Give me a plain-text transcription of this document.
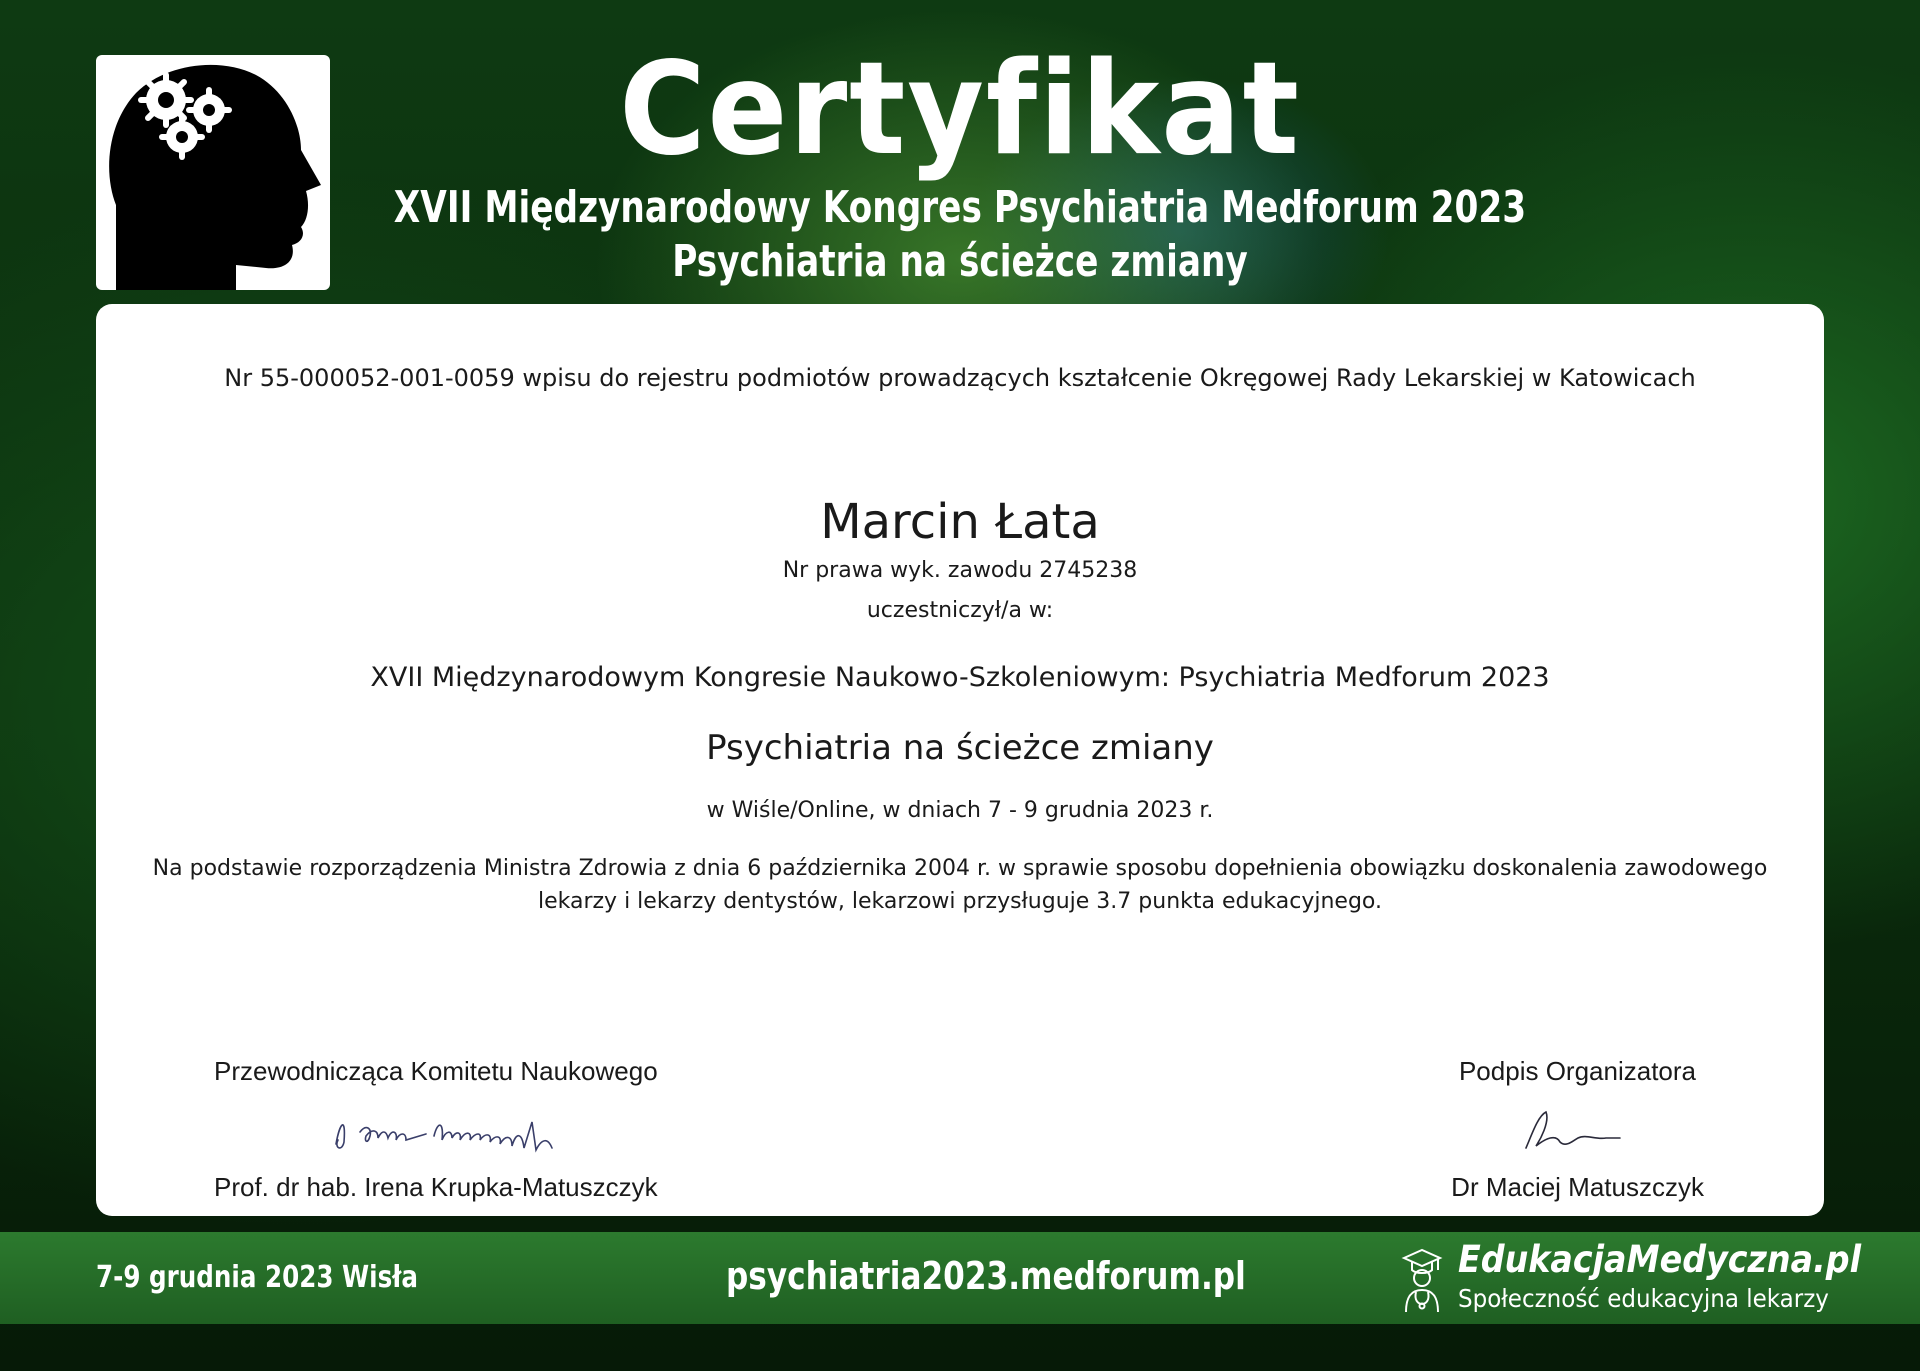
Certyfikat
XVII Międzynarodowy Kongres Psychiatria Medforum 2023
Psychiatria na ścieżce zmiany
Nr 55-000052-001-0059 wpisu do rejestru podmiotów prowadzących kształcenie Okręgowej Rady Lekarskiej w Katowicach
Marcin Łata
Nr prawa wyk. zawodu 2745238
uczestniczył/a w:
XVII Międzynarodowym Kongresie Naukowo-Szkoleniowym: Psychiatria Medforum 2023
Psychiatria na ścieżce zmiany
w Wiśle/Online, w dniach 7 - 9 grudnia 2023 r.
Na podstawie rozporządzenia Ministra Zdrowia z dnia 6 października 2004 r. w sprawie sposobu dopełnienia obowiązku doskonalenia zawodowego lekarzy i lekarzy dentystów, lekarzowi przysługuje 3.7 punkta edukacyjnego.
Przewodnicząca Komitetu Naukowego
Prof. dr hab. Irena Krupka-Matuszczyk
Podpis Organizatora
Dr Maciej Matuszczyk
7-9 grudnia 2023 Wisła	psychiatria2023.medforum.pl	EdukacjaMedyczna.pl
Społeczność edukacyjna lekarzy
